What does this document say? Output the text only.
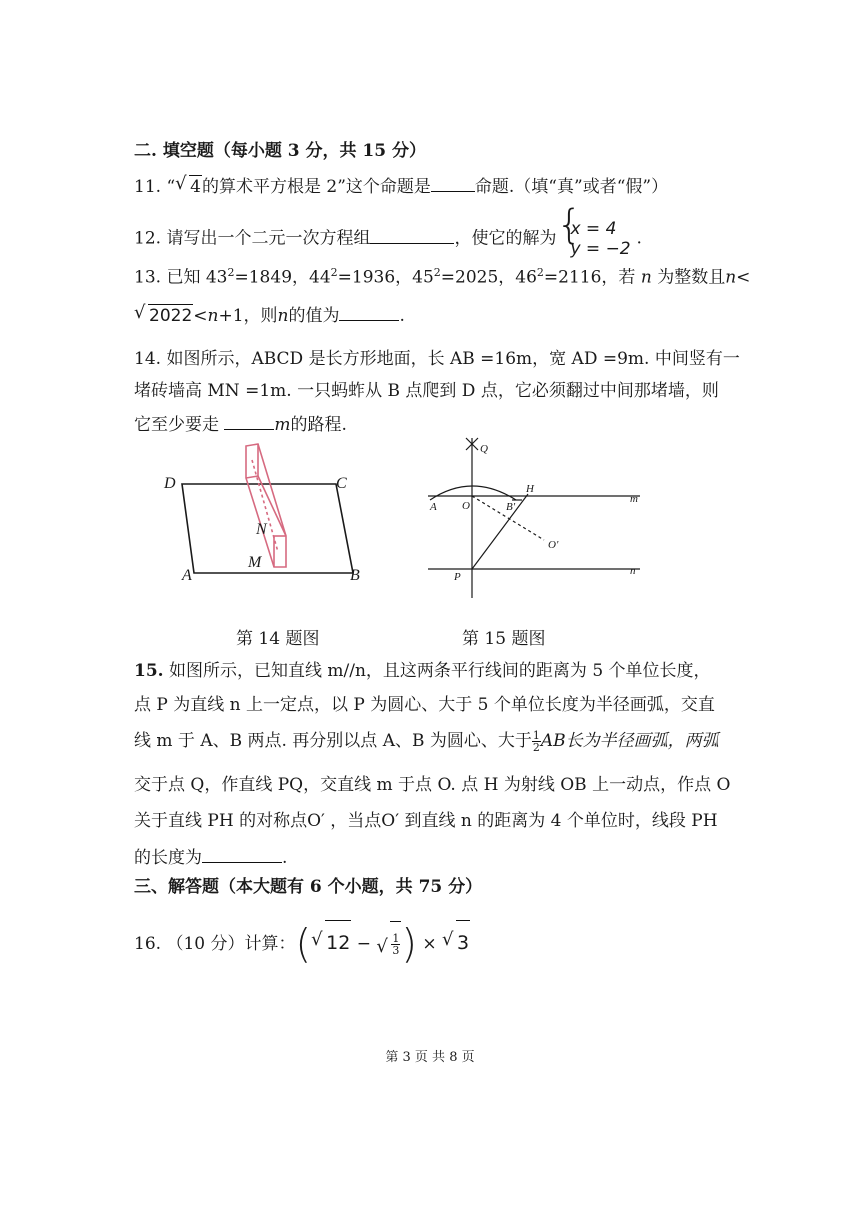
二. 填空题（每小题 3 分，共 15 分）
11. “ √ 4的算术平方根是 2”这个命题是	命题.（填“真”或者“假”）
12. 请写出一个二元一次方程组	，使它的解为 {
x = 4
y = −2
.
13. 已知 $43^2=1849$，$44^2=1936$，$45^2=2025$，$46^2=2116$，若 n 为整数且n<
√ 2022<n+1，则n的值为	.
14. 如图所示，ABCD 是长方形地面，长 AB =16m，宽 AD =9m. 中间竖有一
堵砖墙高 MN =1m. 一只蚂蚱从 B 点爬到 D 点，它必须翻过中间那堵墙，则
它至少要走	m的路程.
D	C
A	B
M
N
Q
A O	B'
H
m
O'
P	n
第 14 题图	第 15 题图
15. 如图所示，已知直线 m//n，且这两条平行线间的距离为 5 个单位长度，
点 P 为直线 n 上一定点，以 P 为圆心、大于 5 个单位长度为半径画弧，交直
线 m 于 A、B 两点. 再分别以点 A、B 为圆心、大于 $\frac{1}{2}$ AB长为半径画弧，两弧
交于点 Q，作直线 PQ，交直线 m 于点 O. 点 H 为射线 OB 上一动点，作点 O
关于直线 PH 的对称点O′ ，当点O′ 到直线 n 的距离为 4 个单位时，线段 PH
的长度为	.
三、解答题（本大题有 6 个小题，共 75 分）
16. （10 分）计算：( √ 12 − √ $\frac{1}{3}$ ) × √ 3
第 3 页 共 8 页
